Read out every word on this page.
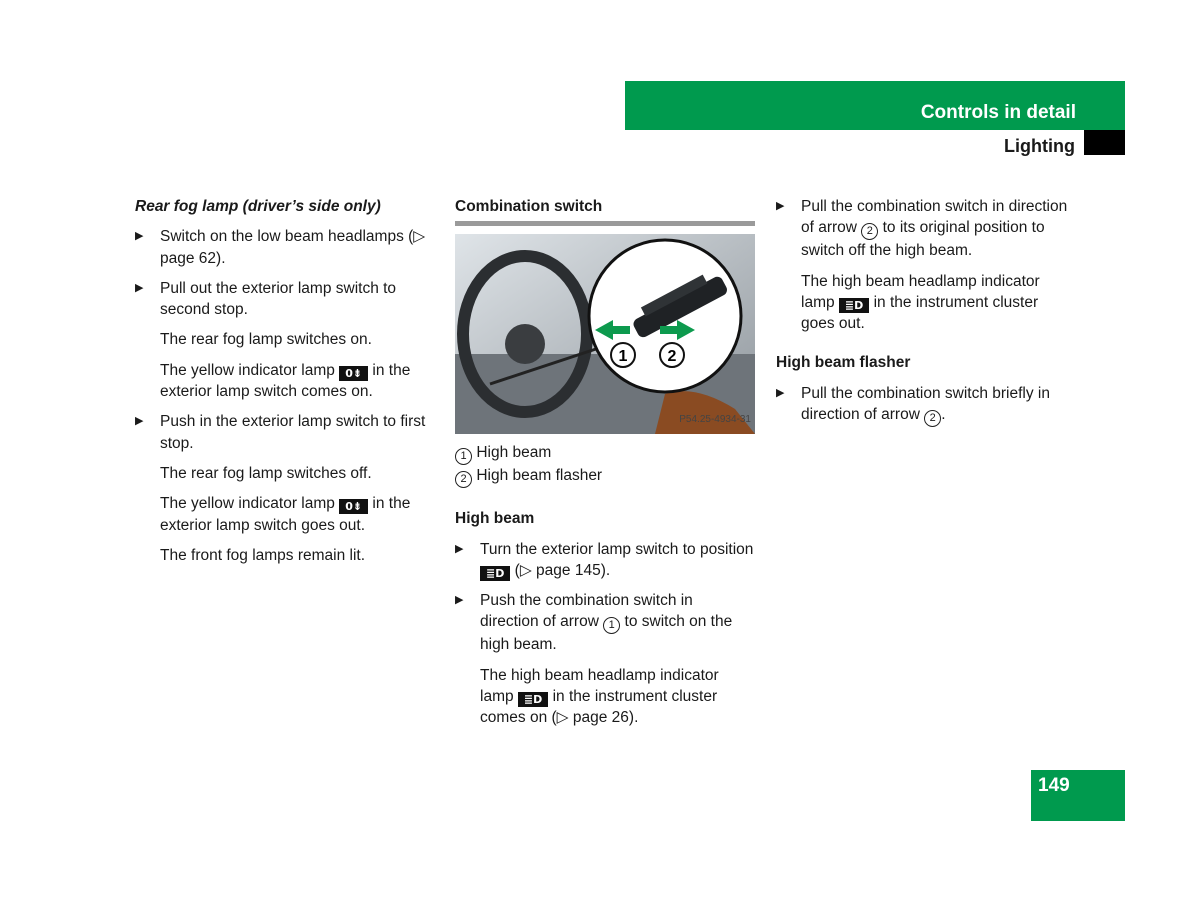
Controls in detail
Lighting
Rear fog lamp (driver’s side only)
▶ Switch on the low beam headlamps (▷ page 62).
▶ Pull out the exterior lamp switch to second stop.
The rear fog lamp switches on.
The yellow indicator lamp 0⇟ in the exterior lamp switch comes on.
▶ Push in the exterior lamp switch to first stop.
The rear fog lamp switches off.
The yellow indicator lamp 0⇟ in the exterior lamp switch goes out.
The front fog lamps remain lit.
Combination switch
1	2
P54.25-4934-31
1 High beam
2 High beam flasher
High beam
▶ Turn the exterior lamp switch to position ≣D (▷ page 145).
▶ Push the combination switch in direction of arrow 1 to switch on the high beam.
The high beam headlamp indicator lamp ≣D in the instrument cluster comes on (▷ page 26).
▶ Pull the combination switch in direction of arrow 2 to its original position to switch off the high beam.
The high beam headlamp indicator lamp ≣D in the instrument cluster goes out.
High beam flasher
▶ Pull the combination switch briefly in direction of arrow 2 .
149
